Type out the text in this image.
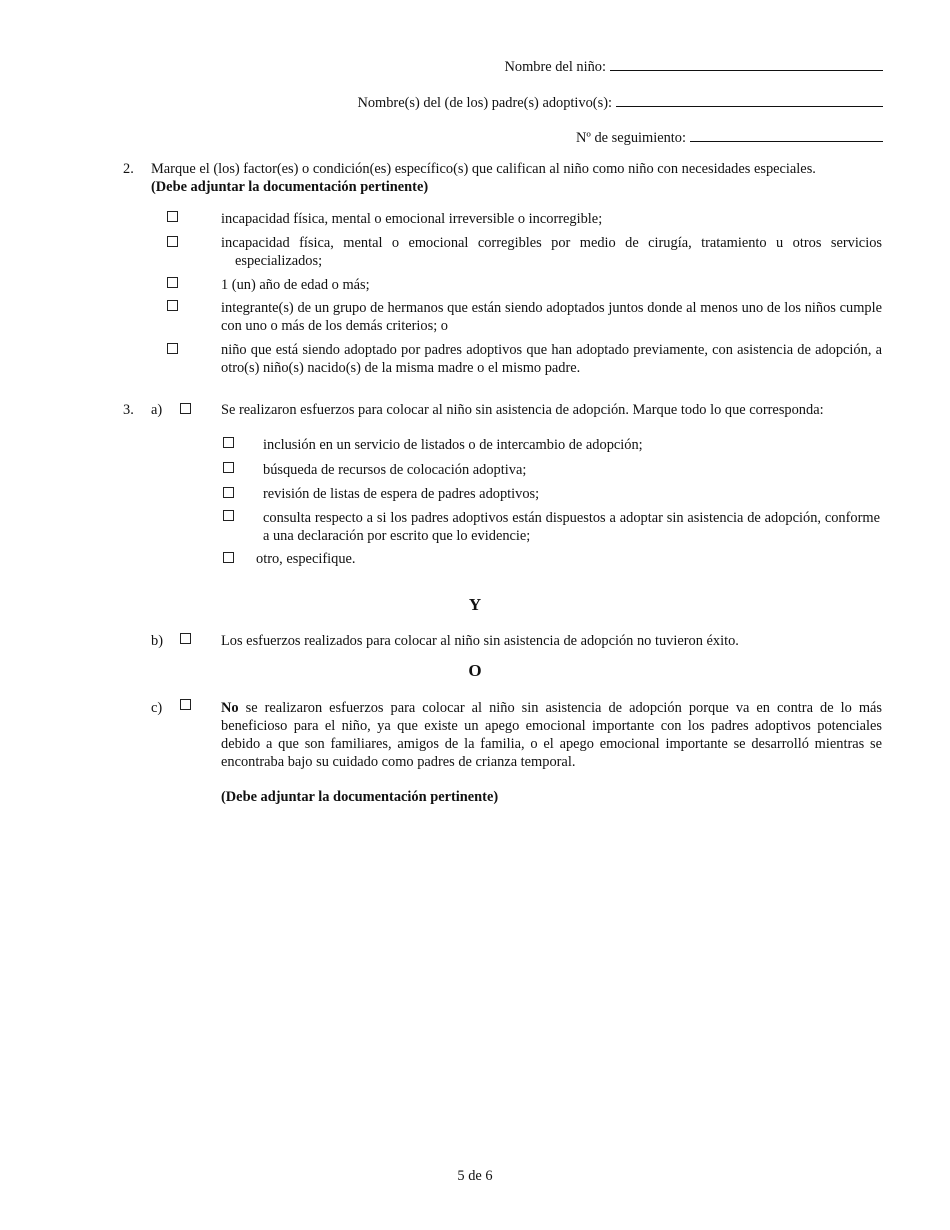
Nombre del niño:
Nombre(s) del (de los) padre(s) adoptivo(s):
Nº de seguimiento:
2. Marque el (los) factor(es) o condición(es) específico(s) que califican al niño como niño con necesidades especiales.
(Debe adjuntar la documentación pertinente)
incapacidad física, mental o emocional irreversible o incorregible;
incapacidad física, mental o emocional corregibles por medio de cirugía, tratamiento u otros servicios especializados;
1 (un) año de edad o más;
integrante(s) de un grupo de hermanos que están siendo adoptados juntos donde al menos uno de los niños cumple con uno o más de los demás criterios; o
niño que está siendo adoptado por padres adoptivos que han adoptado previamente, con asistencia de adopción, a otro(s) niño(s) nacido(s) de la misma madre o el mismo padre.
3. a)	Se realizaron esfuerzos para colocar al niño sin asistencia de adopción. Marque todo lo que corresponda:
inclusión en un servicio de listados o de intercambio de adopción;
búsqueda de recursos de colocación adoptiva;
revisión de listas de espera de padres adoptivos;
consulta respecto a si los padres adoptivos están dispuestos a adoptar sin asistencia de adopción, conforme a una declaración por escrito que lo evidencie;
otro, especifique.
Y
b)	Los esfuerzos realizados para colocar al niño sin asistencia de adopción no tuvieron éxito.
O
c)	No se realizaron esfuerzos para colocar al niño sin asistencia de adopción porque va en contra de lo más beneficioso para el niño, ya que existe un apego emocional importante con los padres adoptivos potenciales debido a que son familiares, amigos de la familia, o el apego emocional importante se desarrolló mientras se encontraba bajo su cuidado como padres de crianza temporal.
(Debe adjuntar la documentación pertinente)
5 de 6
